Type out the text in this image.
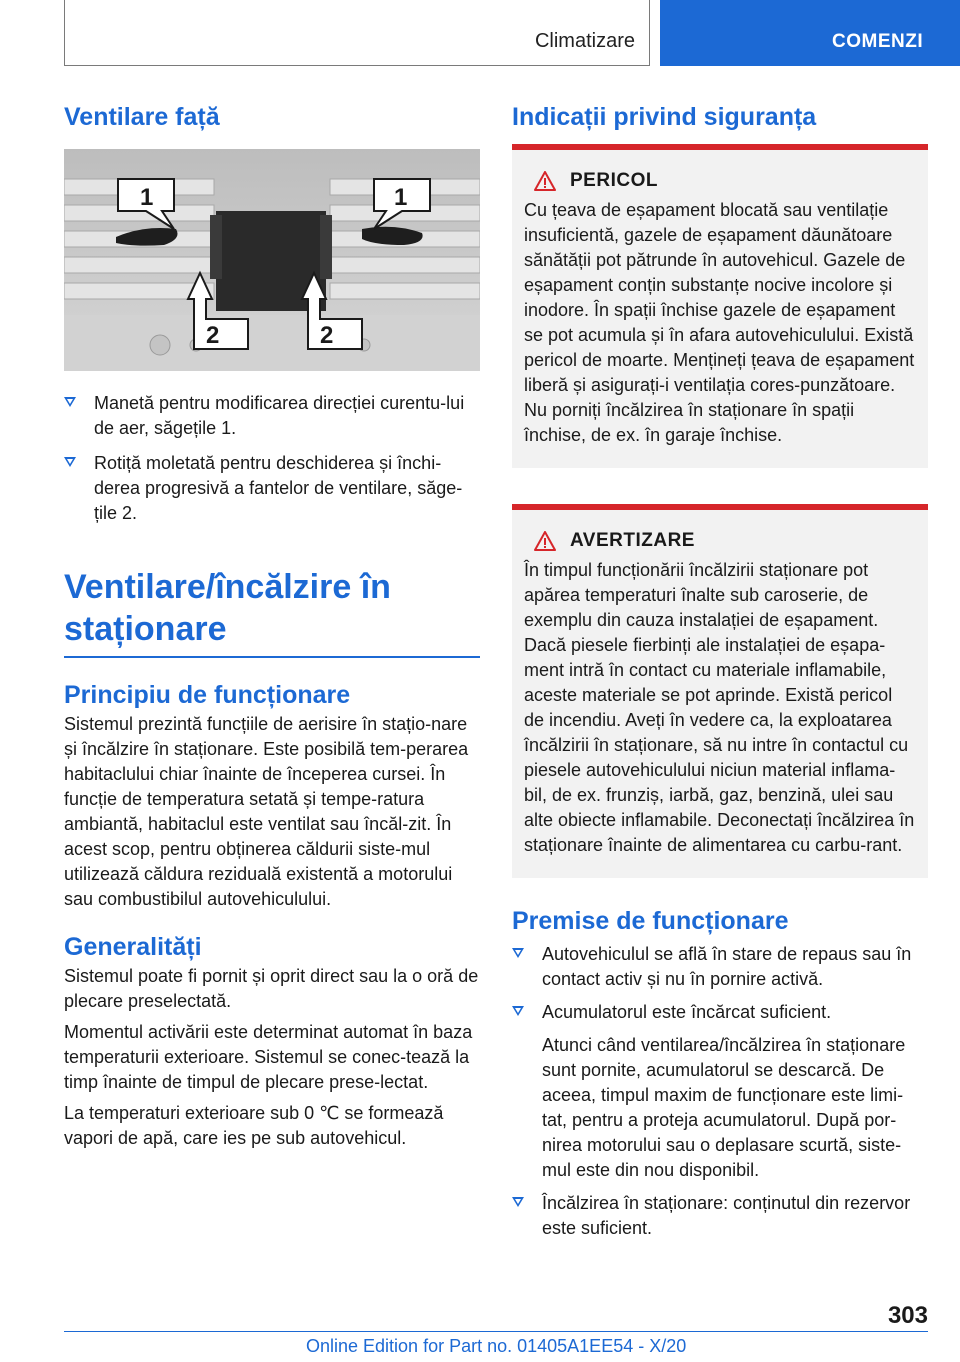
Climatizare	COMENZI
Ventilare față
1	1
2	2
Manetă pentru modificarea direcției curentu-lui de aer, săgețile 1.
Rotiță moletată pentru deschiderea și închi-derea progresivă a fantelor de ventilare, săge-țile 2.
Ventilare/încălzire în
staționare
Principiu de funcționare

Sistemul prezintă funcțiile de aerisire în stațio-nare și încălzire în staționare. Este posibilă tem-perarea habitaclului chiar înainte de începerea cursei. În funcție de temperatura setată și tempe-ratura ambiantă, habitaclul este ventilat sau încăl-zit. În acest scop, pentru obținerea căldurii siste-mul utilizează căldura reziduală existentă a motorului sau combustibilul autovehiculului.

Generalități

Sistemul poate fi pornit și oprit direct sau la o oră de plecare preselectată.

Momentul activării este determinat automat în baza temperaturii exterioare. Sistemul se conec-tează la timp înainte de timpul de plecare prese-lectat.

La temperaturi exterioare sub 0 ℃ se formează vapori de apă, care ies pe sub autovehicul.

Indicații privind siguranța
PERICOL

Cu țeava de eșapament blocată sau ventilație insuficientă, gazele de eșapament dăunătoare sănătății pot pătrunde în autovehicul. Gazele de eșapament conțin substanțe nocive incolore și inodore. În spații închise gazele de eșapament se pot acumula și în afara autovehiculului. Există pericol de moarte. Mențineți țeava de eșapament liberă și asigurați-i ventilația cores-punzătoare. Nu porniți încălzirea în staționare în spații închise, de ex. în garaje închise.

AVERTIZARE

În timpul funcționării încălzirii staționare pot apărea temperaturi înalte sub caroserie, de exemplu din cauza instalației de eșapament. Dacă piesele fierbinți ale instalației de eșapa-ment intră în contact cu materiale inflamabile, aceste materiale se pot aprinde. Există pericol de incendiu. Aveți în vedere ca, la exploatarea încălzirii în staționare, să nu intre în contactul cu piesele autovehiculului niciun material inflama-bil, de ex. frunziș, iarbă, gaz, benzină, ulei sau alte obiecte inflamabile. Deconectați încălzirea în staționare înainte de alimentarea cu carbu-rant.

Premise de funcționare
Autovehiculul se află în stare de repaus sau în contact activ și nu în pornire activă.
Acumulatorul este încărcat suficient.

Atunci când ventilarea/încălzirea în staționare sunt pornite, acumulatorul se descarcă. De aceea, timpul maxim de funcționare este limi-tat, pentru a proteja acumulatorul. După por-nirea motorului sau o deplasare scurtă, siste-mul este din nou disponibil.

Încălzirea în staționare: conținutul din rezervor este suficient.
303
Online Edition for Part no. 01405A1EE54 - X/20
